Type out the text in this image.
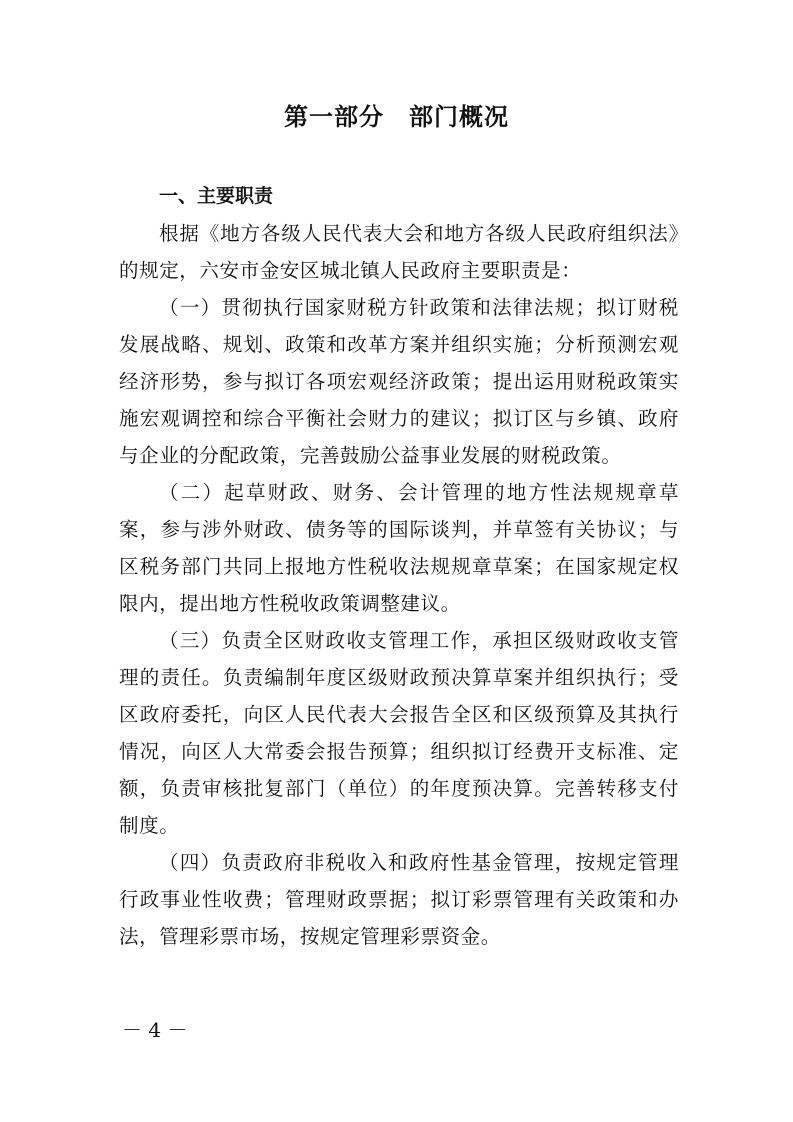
第一部分　部门概况

一、主要职责

根据《地方各级人民代表大会和地方各级人民政府组织法》的规定，六安市金安区城北镇人民政府主要职责是：

（一）贯彻执行国家财税方针政策和法律法规；拟订财税发展战略、规划、政策和改革方案并组织实施；分析预测宏观经济形势，参与拟订各项宏观经济政策；提出运用财税政策实施宏观调控和综合平衡社会财力的建议；拟订区与乡镇、政府与企业的分配政策，完善鼓励公益事业发展的财税政策。

（二）起草财政、财务、会计管理的地方性法规规章草案，参与涉外财政、债务等的国际谈判，并草签有关协议；与区税务部门共同上报地方性税收法规规章草案；在国家规定权限内，提出地方性税收政策调整建议。

（三）负责全区财政收支管理工作，承担区级财政收支管理的责任。负责编制年度区级财政预决算草案并组织执行；受区政府委托，向区人民代表大会报告全区和区级预算及其执行情况，向区人大常委会报告预算；组织拟订经费开支标准、定额，负责审核批复部门（单位）的年度预决算。完善转移支付制度。

（四）负责政府非税收入和政府性基金管理，按规定管理行政事业性收费；管理财政票据；拟订彩票管理有关政策和办法，管理彩票市场，按规定管理彩票资金。

－ 4 －
